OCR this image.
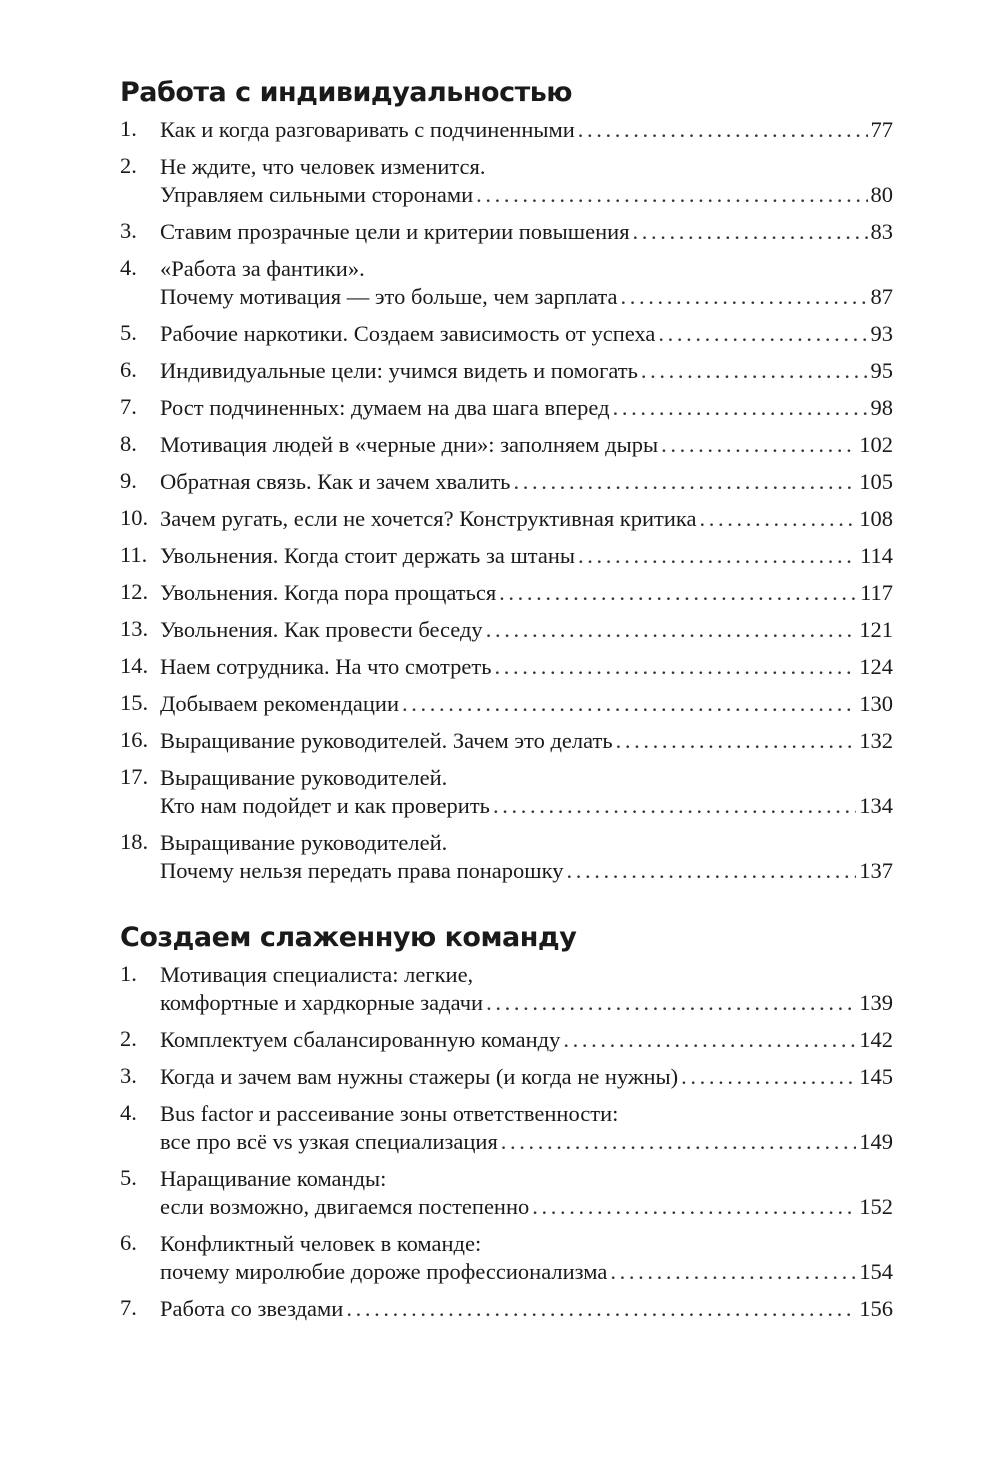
Работа с индивидуальностью
1.	Как и когда разговаривать с подчиненными . . .	77
2.	Не ждите, что человек изменится.
Управляем сильными сторонами . . .	80
3.	Ставим прозрачные цели и критерии повышения . . .	83
4.	«Работа за фантики».
Почему мотивация — это больше, чем зарплата . . .	87
5.	Рабочие наркотики. Создаем зависимость от успеха . . .	93
6.	Индивидуальные цели: учимся видеть и помогать . . .	95
7.	Рост подчиненных: думаем на два шага вперед . . .	98
8.	Мотивация людей в «черные дни»: заполняем дыры . . .	102
9.	Обратная связь. Как и зачем хвалить . . .	105
10. Зачем ругать, если не хочется? Конструктивная критика . . .	108
11. Увольнения. Когда стоит держать за штаны . . .	114
12. Увольнения. Когда пора прощаться . . .	117
13. Увольнения. Как провести беседу . . .	121
14. Наем сотрудника. На что смотреть . . .	124
15. Добываем рекомендации . . .	130
16. Выращивание руководителей. Зачем это делать . . .	132
17. Выращивание руководителей.
Кто нам подойдет и как проверить . . .	134
18. Выращивание руководителей.
Почему нельзя передать права понарошку . . .	137
Создаем слаженную команду
1.	Мотивация специалиста: легкие,
комфортные и хардкорные задачи . . .	139
2.	Комплектуем сбалансированную команду . . .	142
3.	Когда и зачем вам нужны стажеры (и когда не нужны) . . .	145
4.	Bus factor и рассеивание зоны ответственности:
все про всё vs узкая специализация . . .	149
5.	Наращивание команды:
если возможно, двигаемся постепенно . . .	152
6.	Конфликтный человек в команде:
почему миролюбие дороже профессионализма . . .	154
7.	Работа со звездами . . .	156
